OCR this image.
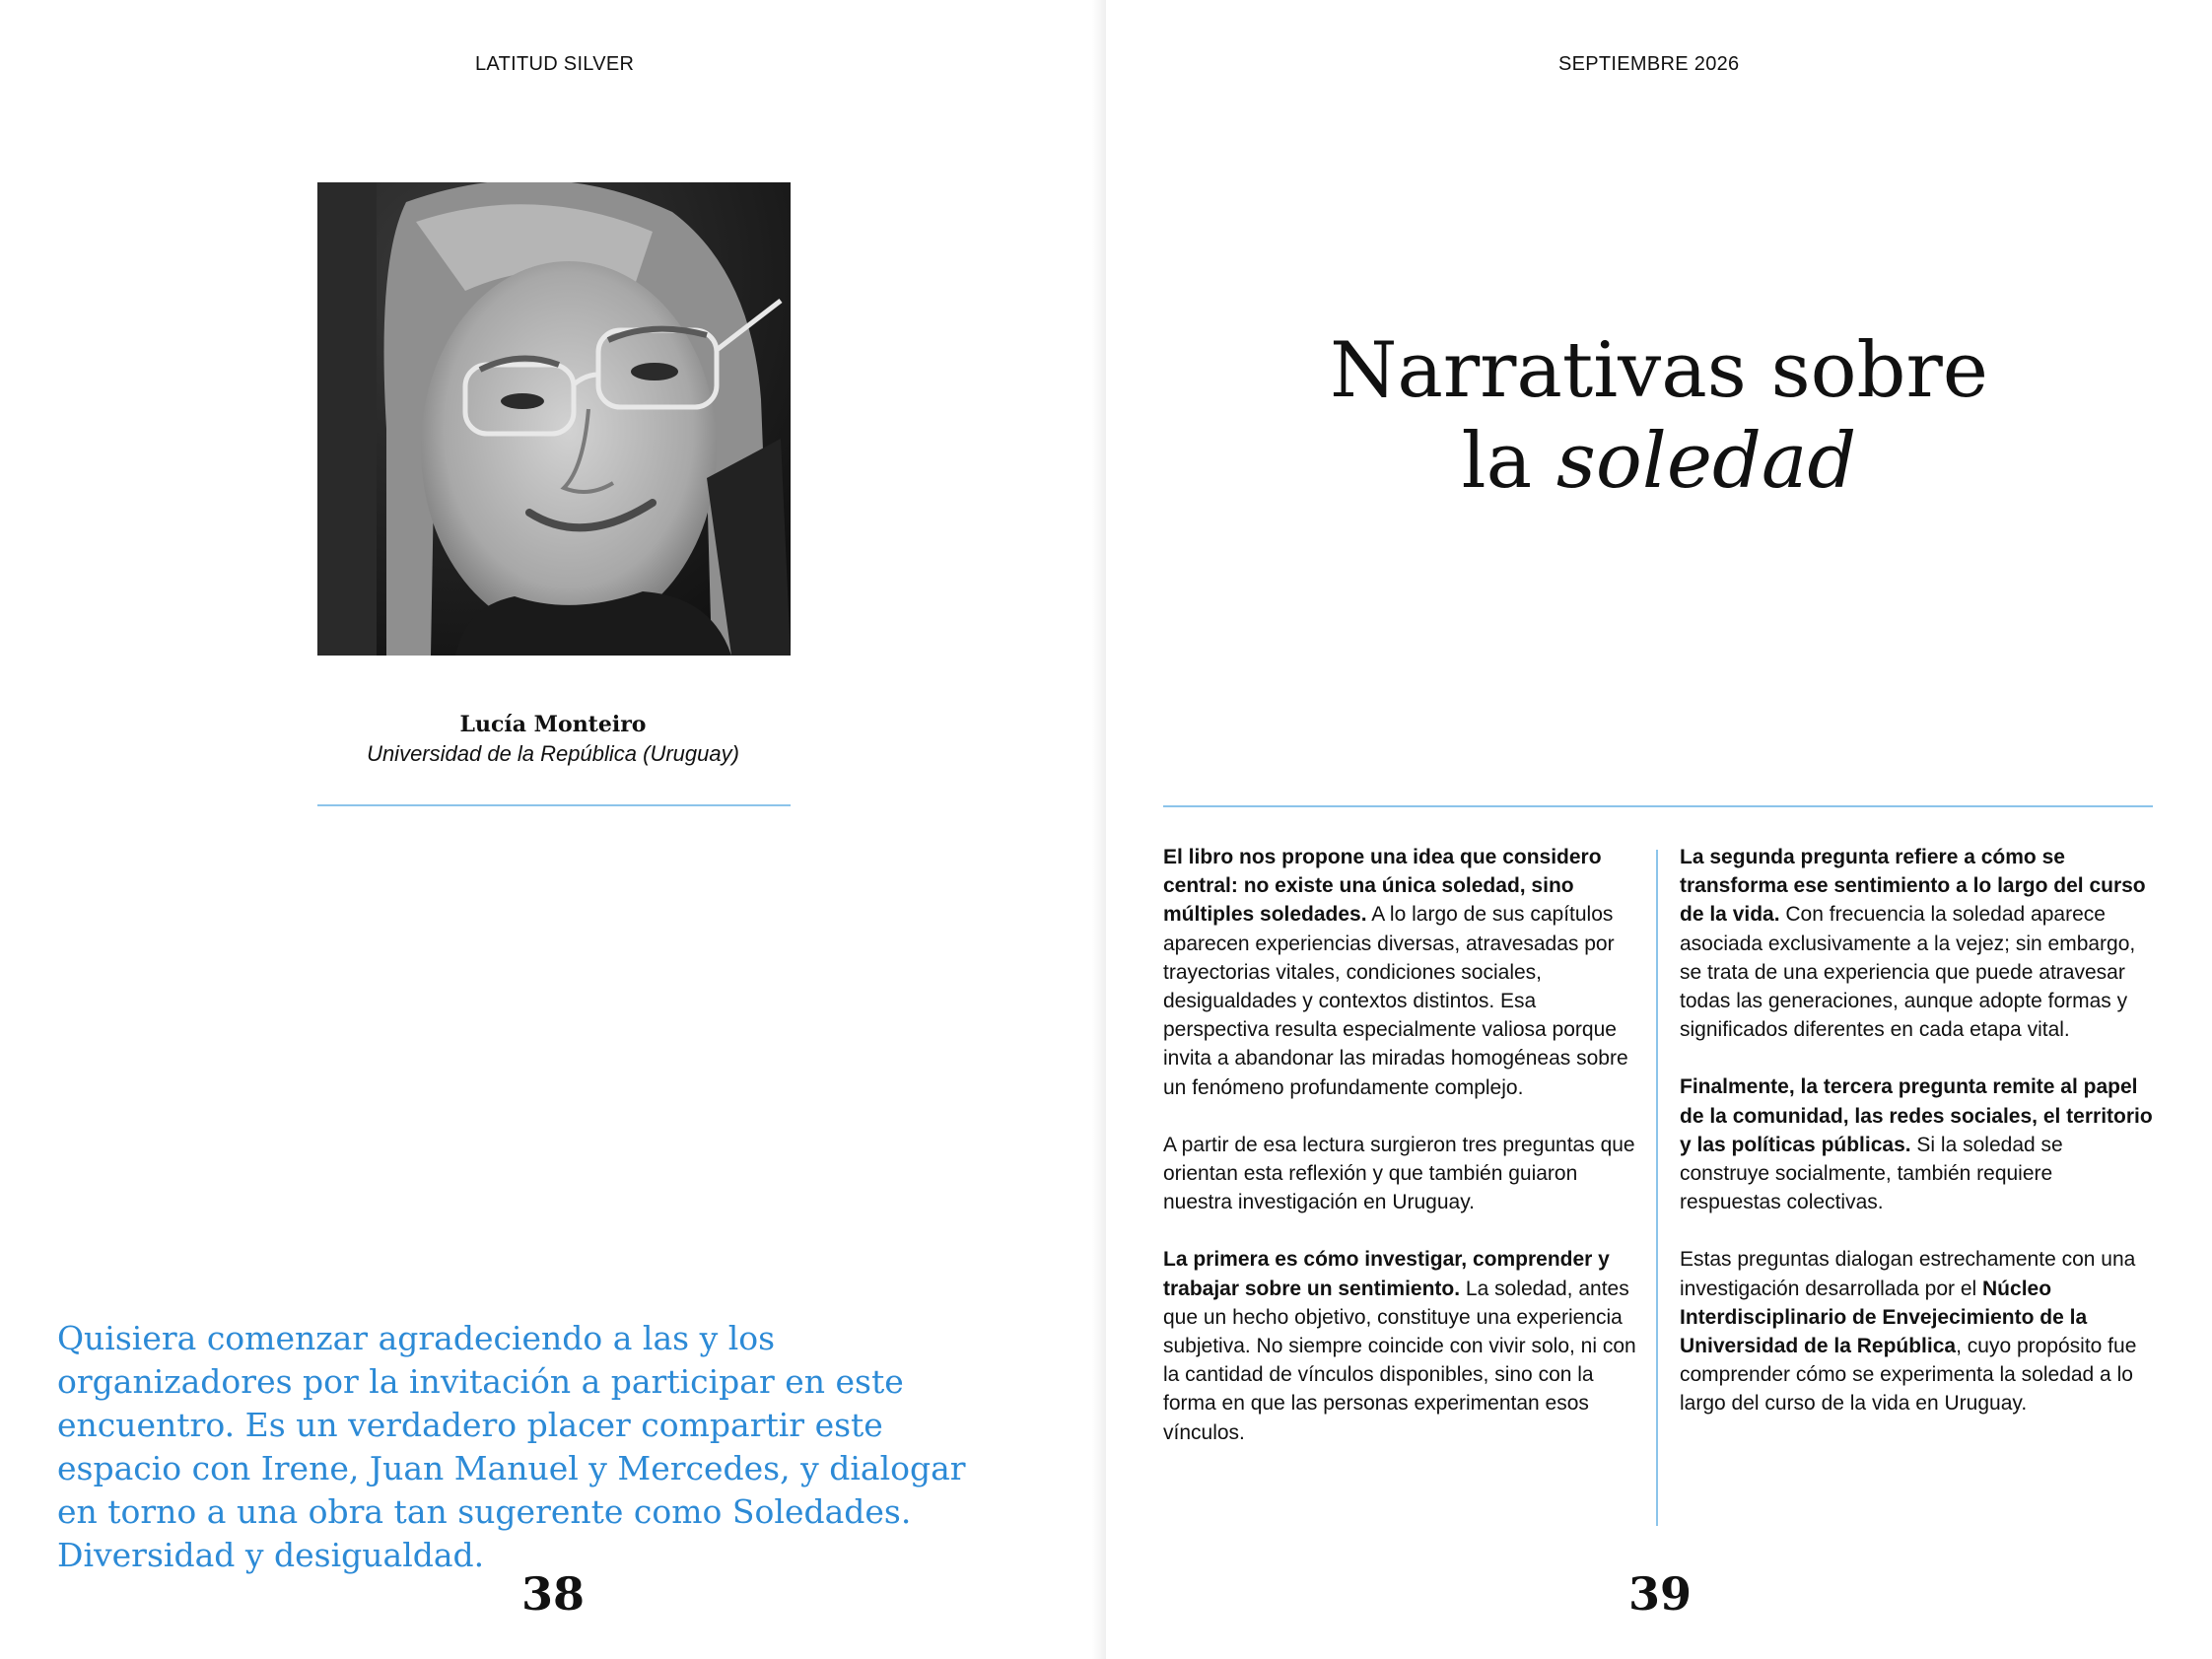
LATITUD SILVER
Lucía Monteiro
Universidad de la República (Uruguay)
Quisiera comenzar agradeciendo a las y los organizadores por la invitación a participar en este encuentro. Es un verdadero placer compartir este espacio con Irene, Juan Manuel y Mercedes, y dialogar en torno a una obra tan sugerente como Soledades. Diversidad y desigualdad.
38
SEPTIEMBRE 2026
Narrativas sobre
la soledad

El libro nos propone una idea que considero central: no existe una única soledad, sino múltiples soledades. A lo largo de sus capítulos aparecen experiencias diversas, atravesadas por trayectorias vitales, condiciones sociales, desigualdades y contextos distintos. Esa perspectiva resulta especialmente valiosa porque invita a abandonar las miradas homogéneas sobre un fenómeno profundamente complejo.

A partir de esa lectura surgieron tres preguntas que orientan esta reflexión y que también guiaron nuestra investigación en Uruguay.

La primera es cómo investigar, comprender y trabajar sobre un sentimiento. La soledad, antes que un hecho objetivo, constituye una experiencia subjetiva. No siempre coincide con vivir solo, ni con la cantidad de vínculos disponibles, sino con la forma en que las personas experimentan esos vínculos.

La segunda pregunta refiere a cómo se transforma ese sentimiento a lo largo del curso de la vida. Con frecuencia la soledad aparece asociada exclusivamente a la vejez; sin embargo, se trata de una experiencia que puede atravesar todas las generaciones, aunque adopte formas y significados diferentes en cada etapa vital.

Finalmente, la tercera pregunta remite al papel de la comunidad, las redes sociales, el territorio y las políticas públicas. Si la soledad se construye socialmente, también requiere respuestas colectivas.

Estas preguntas dialogan estrechamente con una investigación desarrollada por el Núcleo Interdisciplinario de Envejecimiento de la Universidad de la República, cuyo propósito fue comprender cómo se experimenta la soledad a lo largo del curso de la vida en Uruguay.

39
